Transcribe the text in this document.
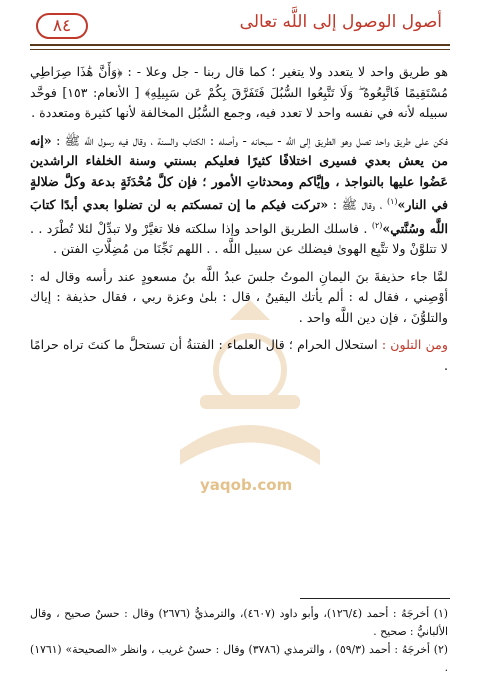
٨٤	أصول الوصول إلى اللَّه تعالى
yaqob.com

هو طريق واحد لا يتعدد ولا يتغير ؛ كما قال ربنا - جل وعلا - : ﴿وَأَنَّ هَٰذَا صِرَاطِي مُسْتَقِيمًا فَاتَّبِعُوهُ ۖ وَلَا تَتَّبِعُوا السُّبُلَ فَتَفَرَّقَ بِكُمْ عَن سَبِيلِهِ﴾ [ الأنعام: ١٥٣] فوحَّد سبيله لأنه في نفسه واحد لا تعدد فيه، وجمع السُّبُل المخالفة لأنها كثيرة ومتعددة .

فكن على طريق واحد تصل وهو الطريق إلى اللَّه - سبحانه - وأصله : الكتاب والسنة ، وقال فيه رسول اللَّه ﷺ : «إنه من يعش بعدي فسيرى اختلافًا كثيرًا فعليكم بسنتي وسنة الخلفاء الراشدين عَضُوا عليها بالنواجذ ، وإيَّاكم ومحدثاتِ الأمور ؛ فإن كلَّ مُحْدَثَةٍ بدعة وكلَّ ضلالةٍ في النار»$^{(١)}$ ، وقال ﷺ : «تركت فيكم ما إن تمسكتم به لن تضلوا بعدي أبدًا كتابَ اللَّه وسُنَّتي»$^{(٢)}$ . فاسلك الطريق الواحد وإذا سلكته فلا تغيَّرْ ولا تبدِّلْ لئلا تُطْرَد . . لا تتلوَّنْ ولا تتَّبِع الهوىٰ فيضلك عن سبيل اللَّه . . اللهم نَجِّنَا من مُضِلَّاتِ الفتن .

لمَّا جاء حذيفةَ بنَ اليمانِ الموتُ جلسَ عبدُ اللَّه بنُ مسعودٍ عند رأسه وقال له : أوْصِني ، فقال له : ألم يأتك اليقينُ ، قال : بلىٰ وعزة ربي ، فقال حذيفة : إياك والتلوُّنَ ، فإن دين اللَّه واحد .

ومن التلون : استحلال الحرام ؛ قال العلماء : الفتنةُ أن تستحلَّ ما كنتَ تراه حرامًا .

(١) أخرجَهُ : أحمد (١٢٦/٤)، وأبو داود (٤٦٠٧)، والترمذيُّ (٢٦٧٦) وقال : حسنٌ صحيح ، وقال الألبانيُّ : صحيح .

(٢) أخرجَهُ : أحمد (٥٩/٣) ، والترمذي (٣٧٨٦) وقال : حسنٌ غريب ، وانظر «الصحيحة» (١٧٦١) .
